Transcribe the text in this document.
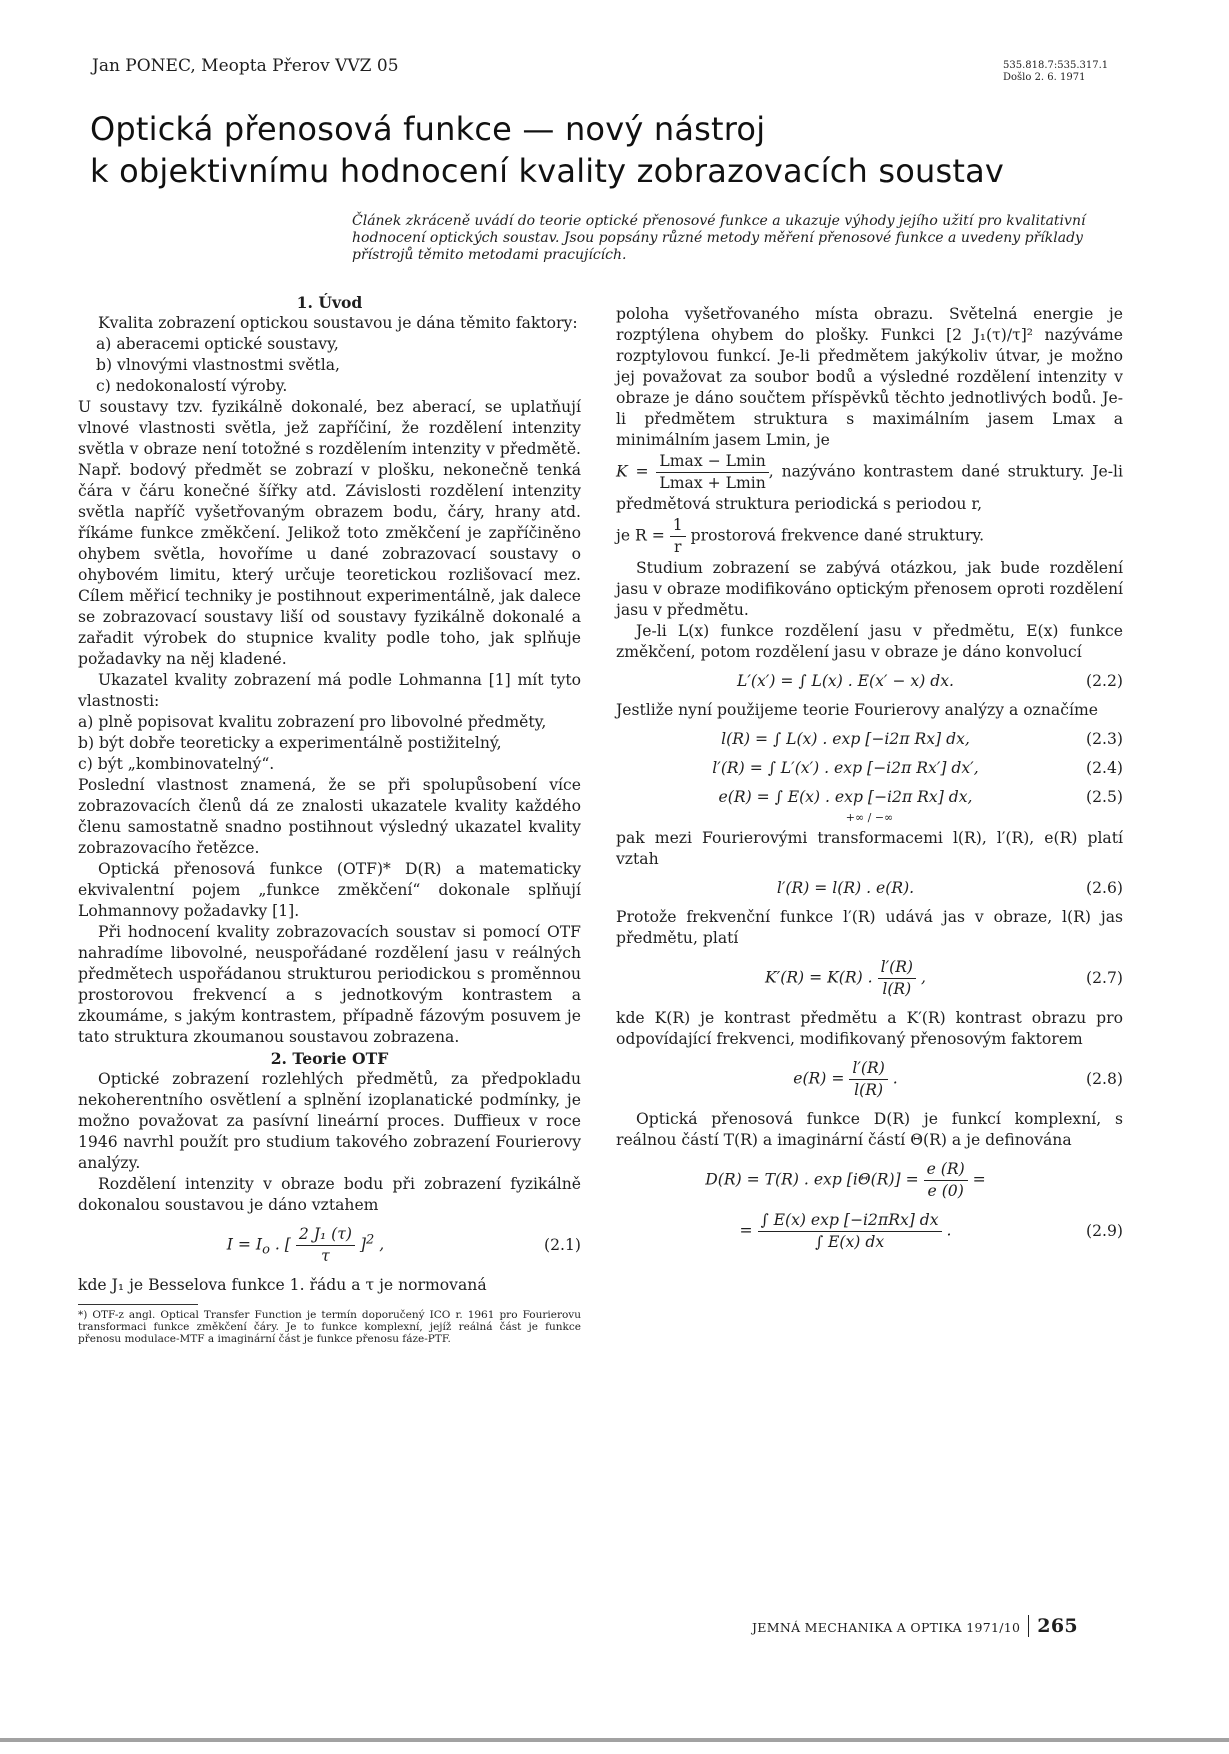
Jan PONEC, Meopta Přerov VVZ 05	535.818.7:535.317.1
Došlo 2. 6. 1971
Optická přenosová funkce — nový nástroj
k objektivnímu hodnocení kvality zobrazovacích soustav
Článek zkráceně uvádí do teorie optické přenosové funkce a ukazuje výhody jejího užití pro kvalitativní hodnocení optických soustav. Jsou popsány různé metody měření přenosové funkce a uvedeny příklady přístrojů těmito metodami pracujících.

1. Úvod

Kvalita zobrazení optickou soustavou je dána těmito faktory:

a) aberacemi optické soustavy,

b) vlnovými vlastnostmi světla,

c) nedokonalostí výroby.

U soustavy tzv. fyzikálně dokonalé, bez aberací, se uplatňují vlnové vlastnosti světla, jež zapříčiní, že rozdělení intenzity světla v obraze není totožné s rozdělením intenzity v předmětě. Např. bodový předmět se zobrazí v plošku, nekonečně tenká čára v čáru konečné šířky atd. Závislosti rozdělení intenzity světla napříč vyšetřovaným obrazem bodu, čáry, hrany atd. říkáme funkce změkčení. Jelikož toto změkčení je zapříčiněno ohybem světla, hovoříme u dané zobrazovací soustavy o ohybovém limitu, který určuje teoretickou rozlišovací mez. Cílem měřicí techniky je postihnout experimentálně, jak dalece se zobrazovací soustavy liší od soustavy fyzikálně dokonalé a zařadit výrobek do stupnice kvality podle toho, jak splňuje požadavky na něj kladené.

Ukazatel kvality zobrazení má podle Lohmanna [1] mít tyto vlastnosti:

a) plně popisovat kvalitu zobrazení pro libovolné předměty,

b) být dobře teoreticky a experimentálně postižitelný,

c) být „kombinovatelný“.

Poslední vlastnost znamená, že se při spolupůsobení více zobrazovacích členů dá ze znalosti ukazatele kvality každého členu samostatně snadno postihnout výsledný ukazatel kvality zobrazovacího řetězce.

Optická přenosová funkce (OTF)* D(R) a matematicky ekvivalentní pojem „funkce změkčení“ dokonale splňují Lohmannovy požadavky [1].

Při hodnocení kvality zobrazovacích soustav si pomocí OTF nahradíme libovolné, neuspořádané rozdělení jasu v reálných předmětech uspořádanou strukturou periodickou s proměnnou prostorovou frekvencí a s jednotkovým kontrastem a zkoumáme, s jakým kontrastem, případně fázovým posuvem je tato struktura zkoumanou soustavou zobrazena.

2. Teorie OTF

Optické zobrazení rozlehlých předmětů, za předpokladu nekoherentního osvětlení a splnění izoplanatické podmínky, je možno považovat za pasívní lineární proces. Duffieux v roce 1946 navrhl použít pro studium takového zobrazení Fourierovy analýzy.

Rozdělení intenzity v obraze bodu při zobrazení fyzikálně dokonalou soustavou je dáno vztahem

$I = I_o$ . [ $\frac{\text{2 J₁ (τ)}}{\tau} ]^2$ ,	(2.1)

kde J₁ je Besselova funkce 1. řádu a τ je normovaná

*) OTF-z angl. Optical Transfer Function je termín doporučený ICO r. 1961 pro Fourierovu transformaci funkce změkčení čáry. Je to funkce komplexní, jejíž reálná část je funkce přenosu modulace-MTF a imaginární část je funkce přenosu fáze-PTF.

poloha vyšetřovaného místa obrazu. Světelná energie je rozptýlena ohybem do plošky. Funkci [2 J₁(τ)/τ]² nazýváme rozptylovou funkcí. Je-li předmětem jakýkoliv útvar, je možno jej považovat za soubor bodů a výsledné rozdělení intenzity v obraze je dáno součtem příspěvků těchto jednotlivých bodů. Je-li předmětem struktura s maximálním jasem Lmax a minimálním jasem Lmin, je

$K = \frac{Lmax - Lmin}{Lmax + Lmin}$ , nazýváno kontrastem dané struktury. Je-li předmětová struktura periodická s periodou r,

je $R = \frac{1}{r}$ prostorová frekvence dané struktury.

Studium zobrazení se zabývá otázkou, jak bude rozdělení jasu v obraze modifikováno optickým přenosem oproti rozdělení jasu v předmětu.

Je-li L(x) funkce rozdělení jasu v předmětu, E(x) funkce změkčení, potom rozdělení jasu v obraze je dáno konvolucí

L′(x′) = ∫ L(x) . E(x′ − x) dx.	(2.2)

Jestliže nyní použijeme teorie Fourierovy analýzy a označíme

l(R) = ∫ L(x) . exp [−i2π Rx] dx,	(2.3)
l′(R) = ∫ L′(x′) . exp [−i2π Rx′] dx′,	(2.4)
e(R) = ∫ E(x) . exp [−i2π Rx] dx,	(2.5)

+∞ / −∞

pak mezi Fourierovými transformacemi l(R), l′(R), e(R) platí vztah

l′(R) = l(R) . e(R).	(2.6)

Protože frekvenční funkce l′(R) udává jas v obraze, l(R) jas předmětu, platí

K′(R) = K(R) . $\frac{l'(R)}{l(R)}$ ,	(2.7)

kde K(R) je kontrast předmětu a K′(R) kontrast obrazu pro odpovídající frekvenci, modifikovaný přenosovým faktorem

$e(R) = \frac{l'(R)}{l(R)}$ .	(2.8)

Optická přenosová funkce D(R) je funkcí komplexní, s reálnou částí T(R) a imaginární částí Θ(R) a je definována

D(R) = T(R) . $\exp [i\Theta(R)] = \frac{e (R)}{e (0)}$ =
= $\frac{\text{∫ E(x) exp [−i2πRx] dx}}{\int E(x) dx}$ .	(2.9)
JEMNÁ MECHANIKA A OPTIKA 1971/10 265
